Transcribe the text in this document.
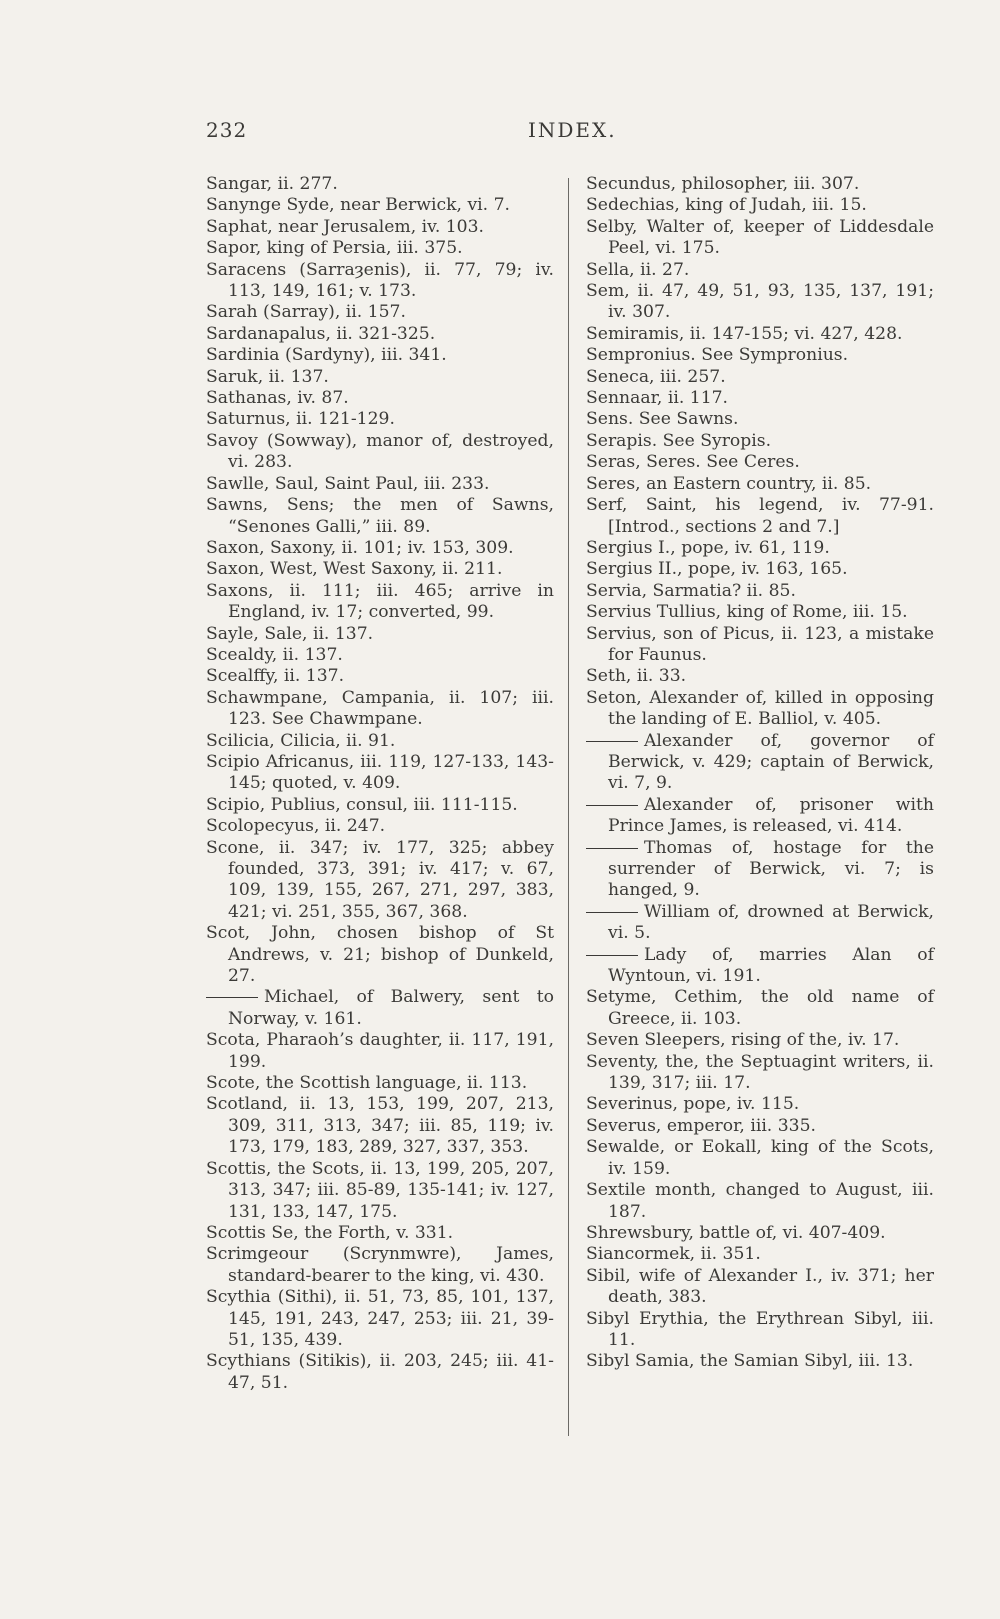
232	INDEX.

Sangar, ii. 277.

Sanynge Syde, near Berwick, vi. 7.

Saphat, near Jerusalem, iv. 103.

Sapor, king of Persia, iii. 375.

Saracens (Sarraȝenis), ii. 77, 79; iv. 113, 149, 161; v. 173.

Sarah (Sarray), ii. 157.

Sardanapalus, ii. 321-325.

Sardinia (Sardyny), iii. 341.

Saruk, ii. 137.

Sathanas, iv. 87.

Saturnus, ii. 121-129.

Savoy (Sowway), manor of, destroyed, vi. 283.

Sawlle, Saul, Saint Paul, iii. 233.

Sawns, Sens; the men of Sawns, “Senones Galli,” iii. 89.

Saxon, Saxony, ii. 101; iv. 153, 309.

Saxon, West, West Saxony, ii. 211.

Saxons, ii. 111; iii. 465; arrive in England, iv. 17; converted, 99.

Sayle, Sale, ii. 137.

Scealdy, ii. 137.

Scealffy, ii. 137.

Schawmpane, Campania, ii. 107; iii. 123. See Chawmpane.

Scilicia, Cilicia, ii. 91.

Scipio Africanus, iii. 119, 127-133, 143-145; quoted, v. 409.

Scipio, Publius, consul, iii. 111-115.

Scolopecyus, ii. 247.

Scone, ii. 347; iv. 177, 325; abbey founded, 373, 391; iv. 417; v. 67, 109, 139, 155, 267, 271, 297, 383, 421; vi. 251, 355, 367, 368.

Scot, John, chosen bishop of St Andrews, v. 21; bishop of Dunkeld, 27.

Michael, of Balwery, sent to Norway, v. 161.

Scota, Pharaoh’s daughter, ii. 117, 191, 199.

Scote, the Scottish language, ii. 113.

Scotland, ii. 13, 153, 199, 207, 213, 309, 311, 313, 347; iii. 85, 119; iv. 173, 179, 183, 289, 327, 337, 353.

Scottis, the Scots, ii. 13, 199, 205, 207, 313, 347; iii. 85-89, 135-141; iv. 127, 131, 133, 147, 175.

Scottis Se, the Forth, v. 331.

Scrimgeour (Scrynmwre), James, standard-bearer to the king, vi. 430.

Scythia (Sithi), ii. 51, 73, 85, 101, 137, 145, 191, 243, 247, 253; iii. 21, 39-51, 135, 439.

Scythians (Sitikis), ii. 203, 245; iii. 41-47, 51.

Secundus, philosopher, iii. 307.

Sedechias, king of Judah, iii. 15.

Selby, Walter of, keeper of Liddesdale Peel, vi. 175.

Sella, ii. 27.

Sem, ii. 47, 49, 51, 93, 135, 137, 191; iv. 307.

Semiramis, ii. 147-155; vi. 427, 428.

Sempronius. See Sympronius.

Seneca, iii. 257.

Sennaar, ii. 117.

Sens. See Sawns.

Serapis. See Syropis.

Seras, Seres. See Ceres.

Seres, an Eastern country, ii. 85.

Serf, Saint, his legend, iv. 77-91. [Introd., sections 2 and 7.]

Sergius I., pope, iv. 61, 119.

Sergius II., pope, iv. 163, 165.

Servia, Sarmatia? ii. 85.

Servius Tullius, king of Rome, iii. 15.

Servius, son of Picus, ii. 123, a mistake for Faunus.

Seth, ii. 33.

Seton, Alexander of, killed in opposing the landing of E. Balliol, v. 405.

Alexander of, governor of Berwick, v. 429; captain of Berwick, vi. 7, 9.

Alexander of, prisoner with Prince James, is released, vi. 414.

Thomas of, hostage for the surrender of Berwick, vi. 7; is hanged, 9.

William of, drowned at Berwick, vi. 5.

Lady of, marries Alan of Wyntoun, vi. 191.

Setyme, Cethim, the old name of Greece, ii. 103.

Seven Sleepers, rising of the, iv. 17.

Seventy, the, the Septuagint writers, ii. 139, 317; iii. 17.

Severinus, pope, iv. 115.

Severus, emperor, iii. 335.

Sewalde, or Eokall, king of the Scots, iv. 159.

Sextile month, changed to August, iii. 187.

Shrewsbury, battle of, vi. 407-409.

Siancormek, ii. 351.

Sibil, wife of Alexander I., iv. 371; her death, 383.

Sibyl Erythia, the Erythrean Sibyl, iii. 11.

Sibyl Samia, the Samian Sibyl, iii. 13.
